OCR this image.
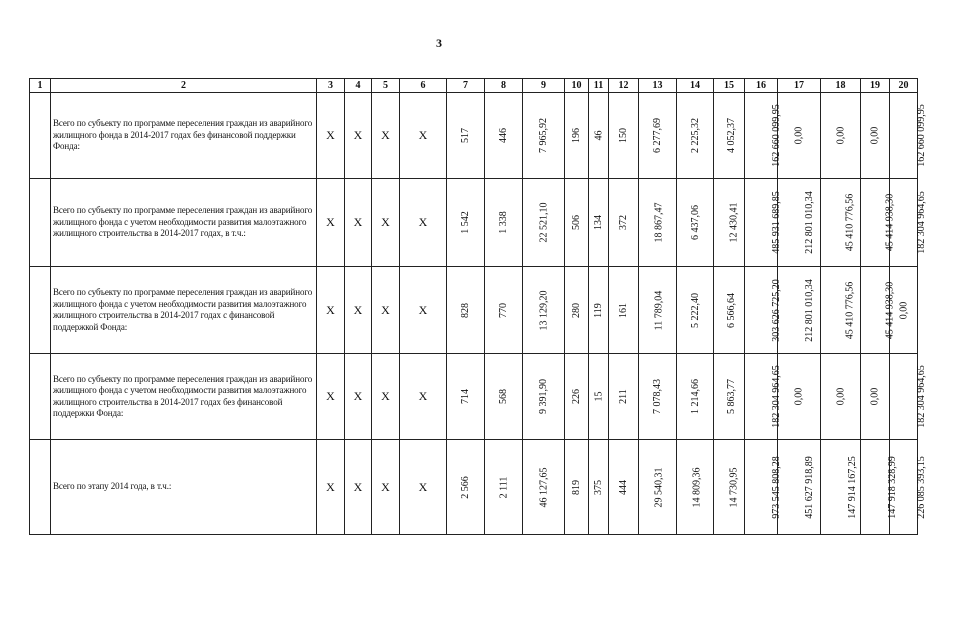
3
1	2	3	4	5	6	7	8	9	10	11	12	13	14	15	16	17	18	19	20
	Всего по субъекту по программе переселения граждан из аварийного жилищного фонда в 2014-2017 годах без финансовой поддержки Фонда:	X	X	X	X	517	446	7 965,92	196	46	150	6 277,69	2 225,32	4 052,37	162 660 099,95	0,00	0,00	0,00	162 660 099,95
	Всего по субъекту по программе переселения граждан из аварийного жилищного фонда с учетом необходимости развития малоэтажного жилищного строительства в 2014-2017 годах, в т.ч.:	X	X	X	X	1 542	1 338	22 521,10	506	134	372	18 867,47	6 437,06	12 430,41	485 931 689,85	212 801 010,34	45 410 776,56	45 414 938,30	182 304 964,65
	Всего по субъекту по программе переселения граждан из аварийного жилищного фонда с учетом необходимости развития малоэтажного жилищного строительства в 2014-2017 годах с финансовой поддержкой Фонда:	X	X	X	X	828	770	13 129,20	280	119	161	11 789,04	5 222,40	6 566,64	303 626 725,20	212 801 010,34	45 410 776,56	45 414 938,30	0,00
	Всего по субъекту по программе переселения граждан из аварийного жилищного фонда с учетом необходимости развития малоэтажного жилищного строительства в 2014-2017 годах без финансовой поддержки Фонда:	X	X	X	X	714	568	9 391,90	226	15	211	7 078,43	1 214,66	5 863,77	182 304 964,65	0,00	0,00	0,00	182 304 964,65
	Всего по этапу 2014 года, в т.ч.:	X	X	X	X	2 566	2 111	46 127,65	819	375	444	29 540,31	14 809,36	14 730,95	973 545 808,28	451 627 918,89	147 914 167,25	147 918 328,99	226 085 393,15
